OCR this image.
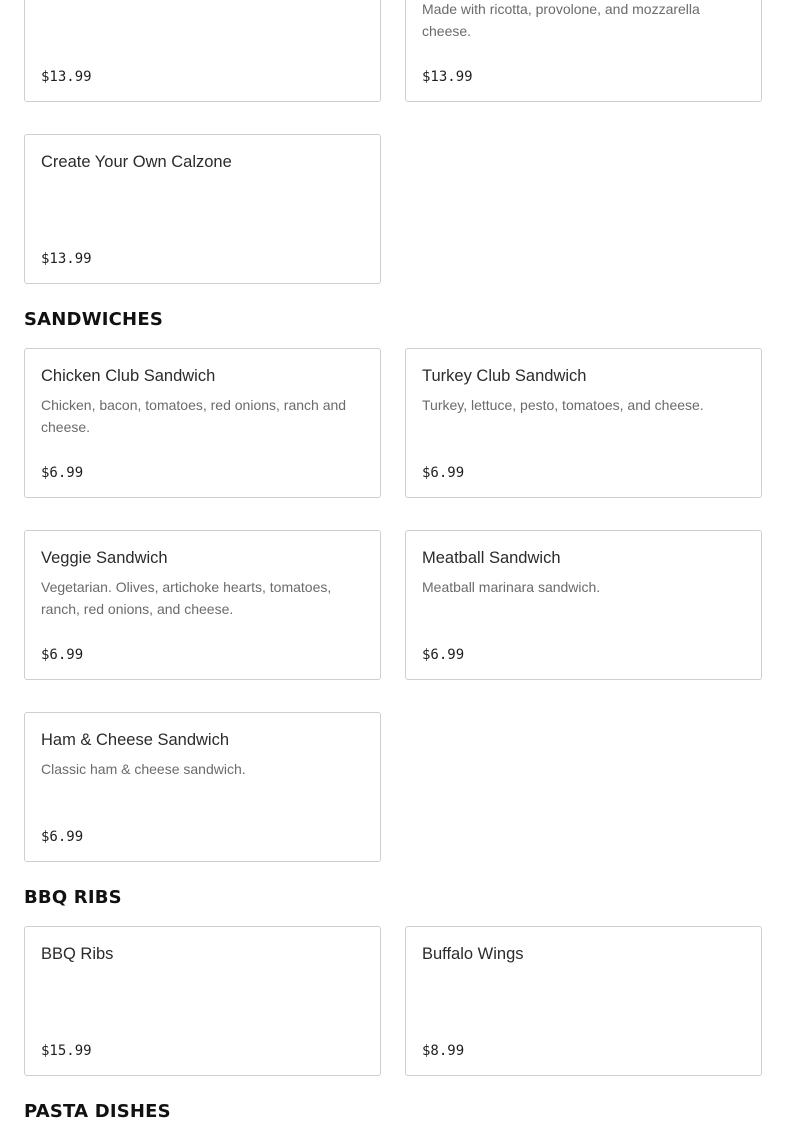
$13.99
Made with ricotta, provolone, and mozzarella cheese.
$13.99
Create Your Own Calzone
$13.99
SANDWICHES
Chicken Club Sandwich
Chicken, bacon, tomatoes, red onions, ranch and cheese.
$6.99
Turkey Club Sandwich
Turkey, lettuce, pesto, tomatoes, and cheese.
$6.99
Veggie Sandwich
Vegetarian. Olives, artichoke hearts, tomatoes, ranch, red onions, and cheese.
$6.99
Meatball Sandwich
Meatball marinara sandwich.
$6.99
Ham & Cheese Sandwich
Classic ham & cheese sandwich.
$6.99
BBQ RIBS
BBQ Ribs
$15.99
Buffalo Wings
$8.99
PASTA DISHES
